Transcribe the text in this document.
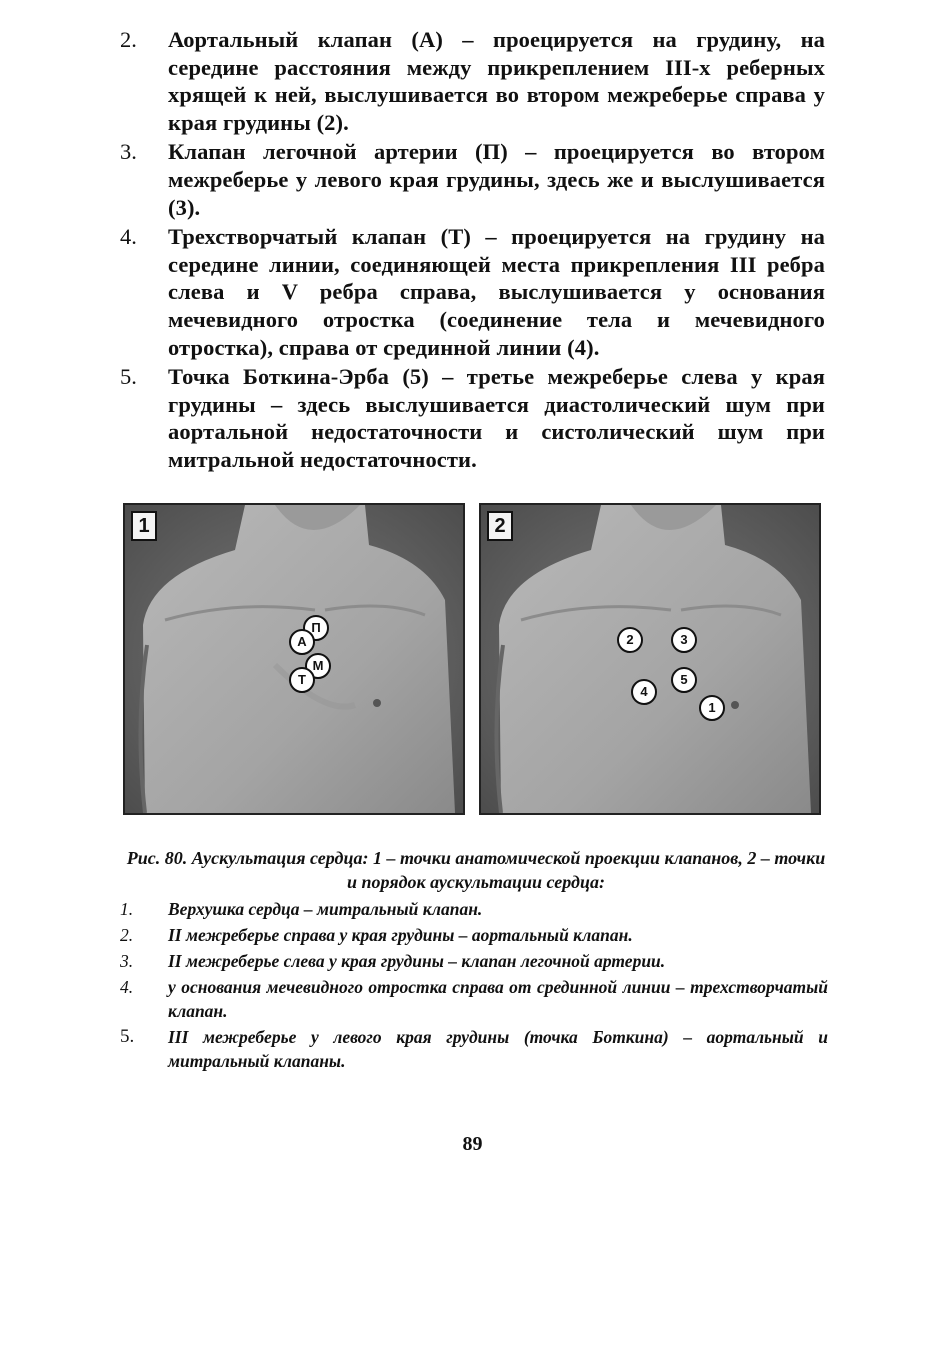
2.	Аортальный клапан (А) – проецируется на грудину, на середине расстояния между прикреплением III-х реберных хрящей к ней, выслушивается во втором межреберье справа у края грудины (2).
3.	Клапан легочной артерии (П) – проецируется во втором межреберье у левого края грудины, здесь же и выслушивается (3).
4.	Трехстворчатый клапан (Т) – проецируется на грудину на середине линии, соединяющей места прикрепления III ребра слева и V ребра справа, выслушивается у основания мечевидного отростка (соединение тела и мечевидного отростка), справа от срединной линии (4).
5.	Точка Боткина-Эрба (5) – третье межреберье слева у края грудины – здесь выслушивается диастолический шум при аортальной недостаточности и систолический шум при митральной недостаточности.
1
П
А
М
Т
2
2	3
5
4
1
Рис. 80. Аускультация сердца: 1 – точки анатомической проекции клапанов, 2 – точки и порядок аускультации сердца:
1.	Верхушка сердца – митральный клапан.
2.	II межреберье справа у края грудины – аортальный клапан.
3.	II межреберье слева у края грудины – клапан легочной артерии.
4.	у основания мечевидного отростка справа от срединной линии – трехстворчатый клапан.
5.	III межреберье у левого края грудины (точка Боткина) – аортальный и митральный клапаны.
89
